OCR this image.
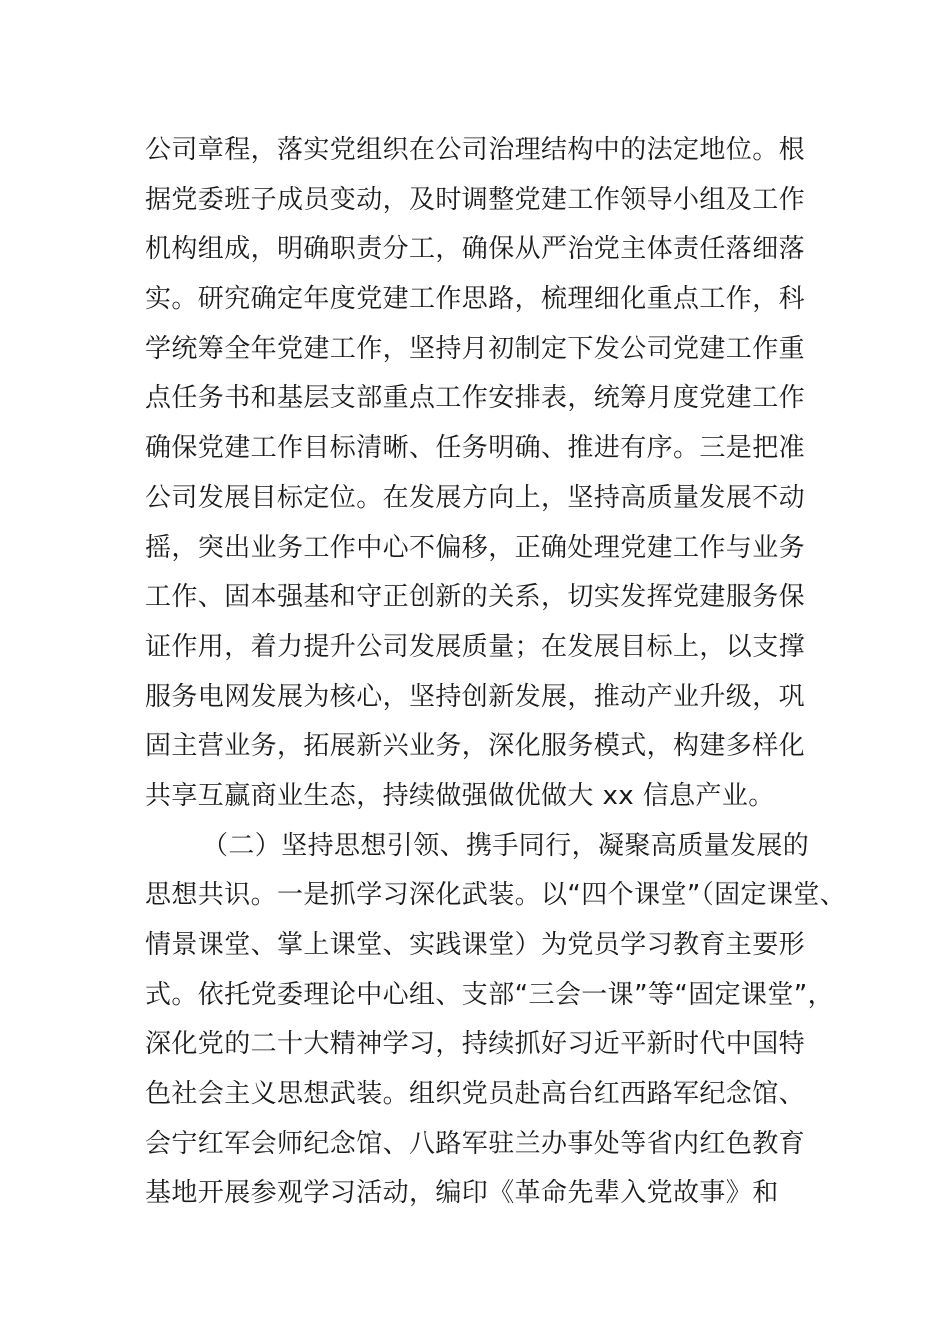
公司章程，落实党组织在公司治理结构中的法定地位。根
据党委班子成员变动，及时调整党建工作领导小组及工作
机构组成，明确职责分工，确保从严治党主体责任落细落
实。研究确定年度党建工作思路，梳理细化重点工作，科
学统筹全年党建工作，坚持月初制定下发公司党建工作重
点任务书和基层支部重点工作安排表，统筹月度党建工作
确保党建工作目标清晰、任务明确、推进有序。三是把准
公司发展目标定位。在发展方向上，坚持高质量发展不动
摇，突出业务工作中心不偏移，正确处理党建工作与业务
工作、固本强基和守正创新的关系，切实发挥党建服务保
证作用，着力提升公司发展质量；在发展目标上，以支撑
服务电网发展为核心，坚持创新发展，推动产业升级，巩
固主营业务，拓展新兴业务，深化服务模式，构建多样化
共享互赢商业生态，持续做强做优做大 xx 信息产业。
（二）坚持思想引领、携手同行，凝聚高质量发展的
思想共识。一是抓学习深化武装。以“四个课堂”（固定课堂、
情景课堂、掌上课堂、实践课堂）为党员学习教育主要形
式。依托党委理论中心组、支部“三会一课”等“固定课堂”，
深化党的二十大精神学习，持续抓好习近平新时代中国特
色社会主义思想武装。组织党员赴高台红西路军纪念馆、
会宁红军会师纪念馆、八路军驻兰办事处等省内红色教育
基地开展参观学习活动，编印《革命先辈入党故事》和
